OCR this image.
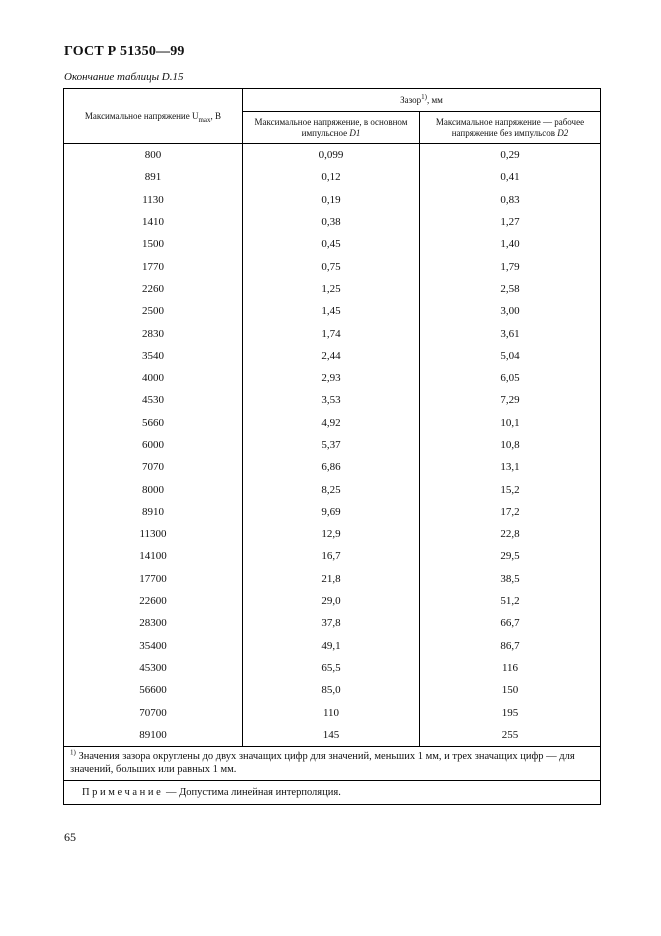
ГОСТ Р 51350—99
Окончание таблицы D.15
Максимальное напряжение $U_{max}$, В	Зазор$^{1)}$, мм	
	Максимальное напряжение, в основном импульсное D1	Максимальное напряжение — рабочее напряжение без импульсов D2
800	0,099	0,29
891	0,12	0,41
1130	0,19	0,83
1410	0,38	1,27
1500	0,45	1,40
1770	0,75	1,79
2260	1,25	2,58
2500	1,45	3,00
2830	1,74	3,61
3540	2,44	5,04
4000	2,93	6,05
4530	3,53	7,29
5660	4,92	10,1
6000	5,37	10,8
7070	6,86	13,1
8000	8,25	15,2
8910	9,69	17,2
11300	12,9	22,8
14100	16,7	29,5
17700	21,8	38,5
22600	29,0	51,2
28300	37,8	66,7
35400	49,1	86,7
45300	65,5	116
56600	85,0	150
70700	110	195
89100	145	255
$^{1)}$ Значения зазора округлены до двух значащих цифр для значений, меньших 1 мм, и трех значащих цифр — для значений, больших или равных 1 мм.		
Примечание — Допустима линейная интерполяция.		
65
